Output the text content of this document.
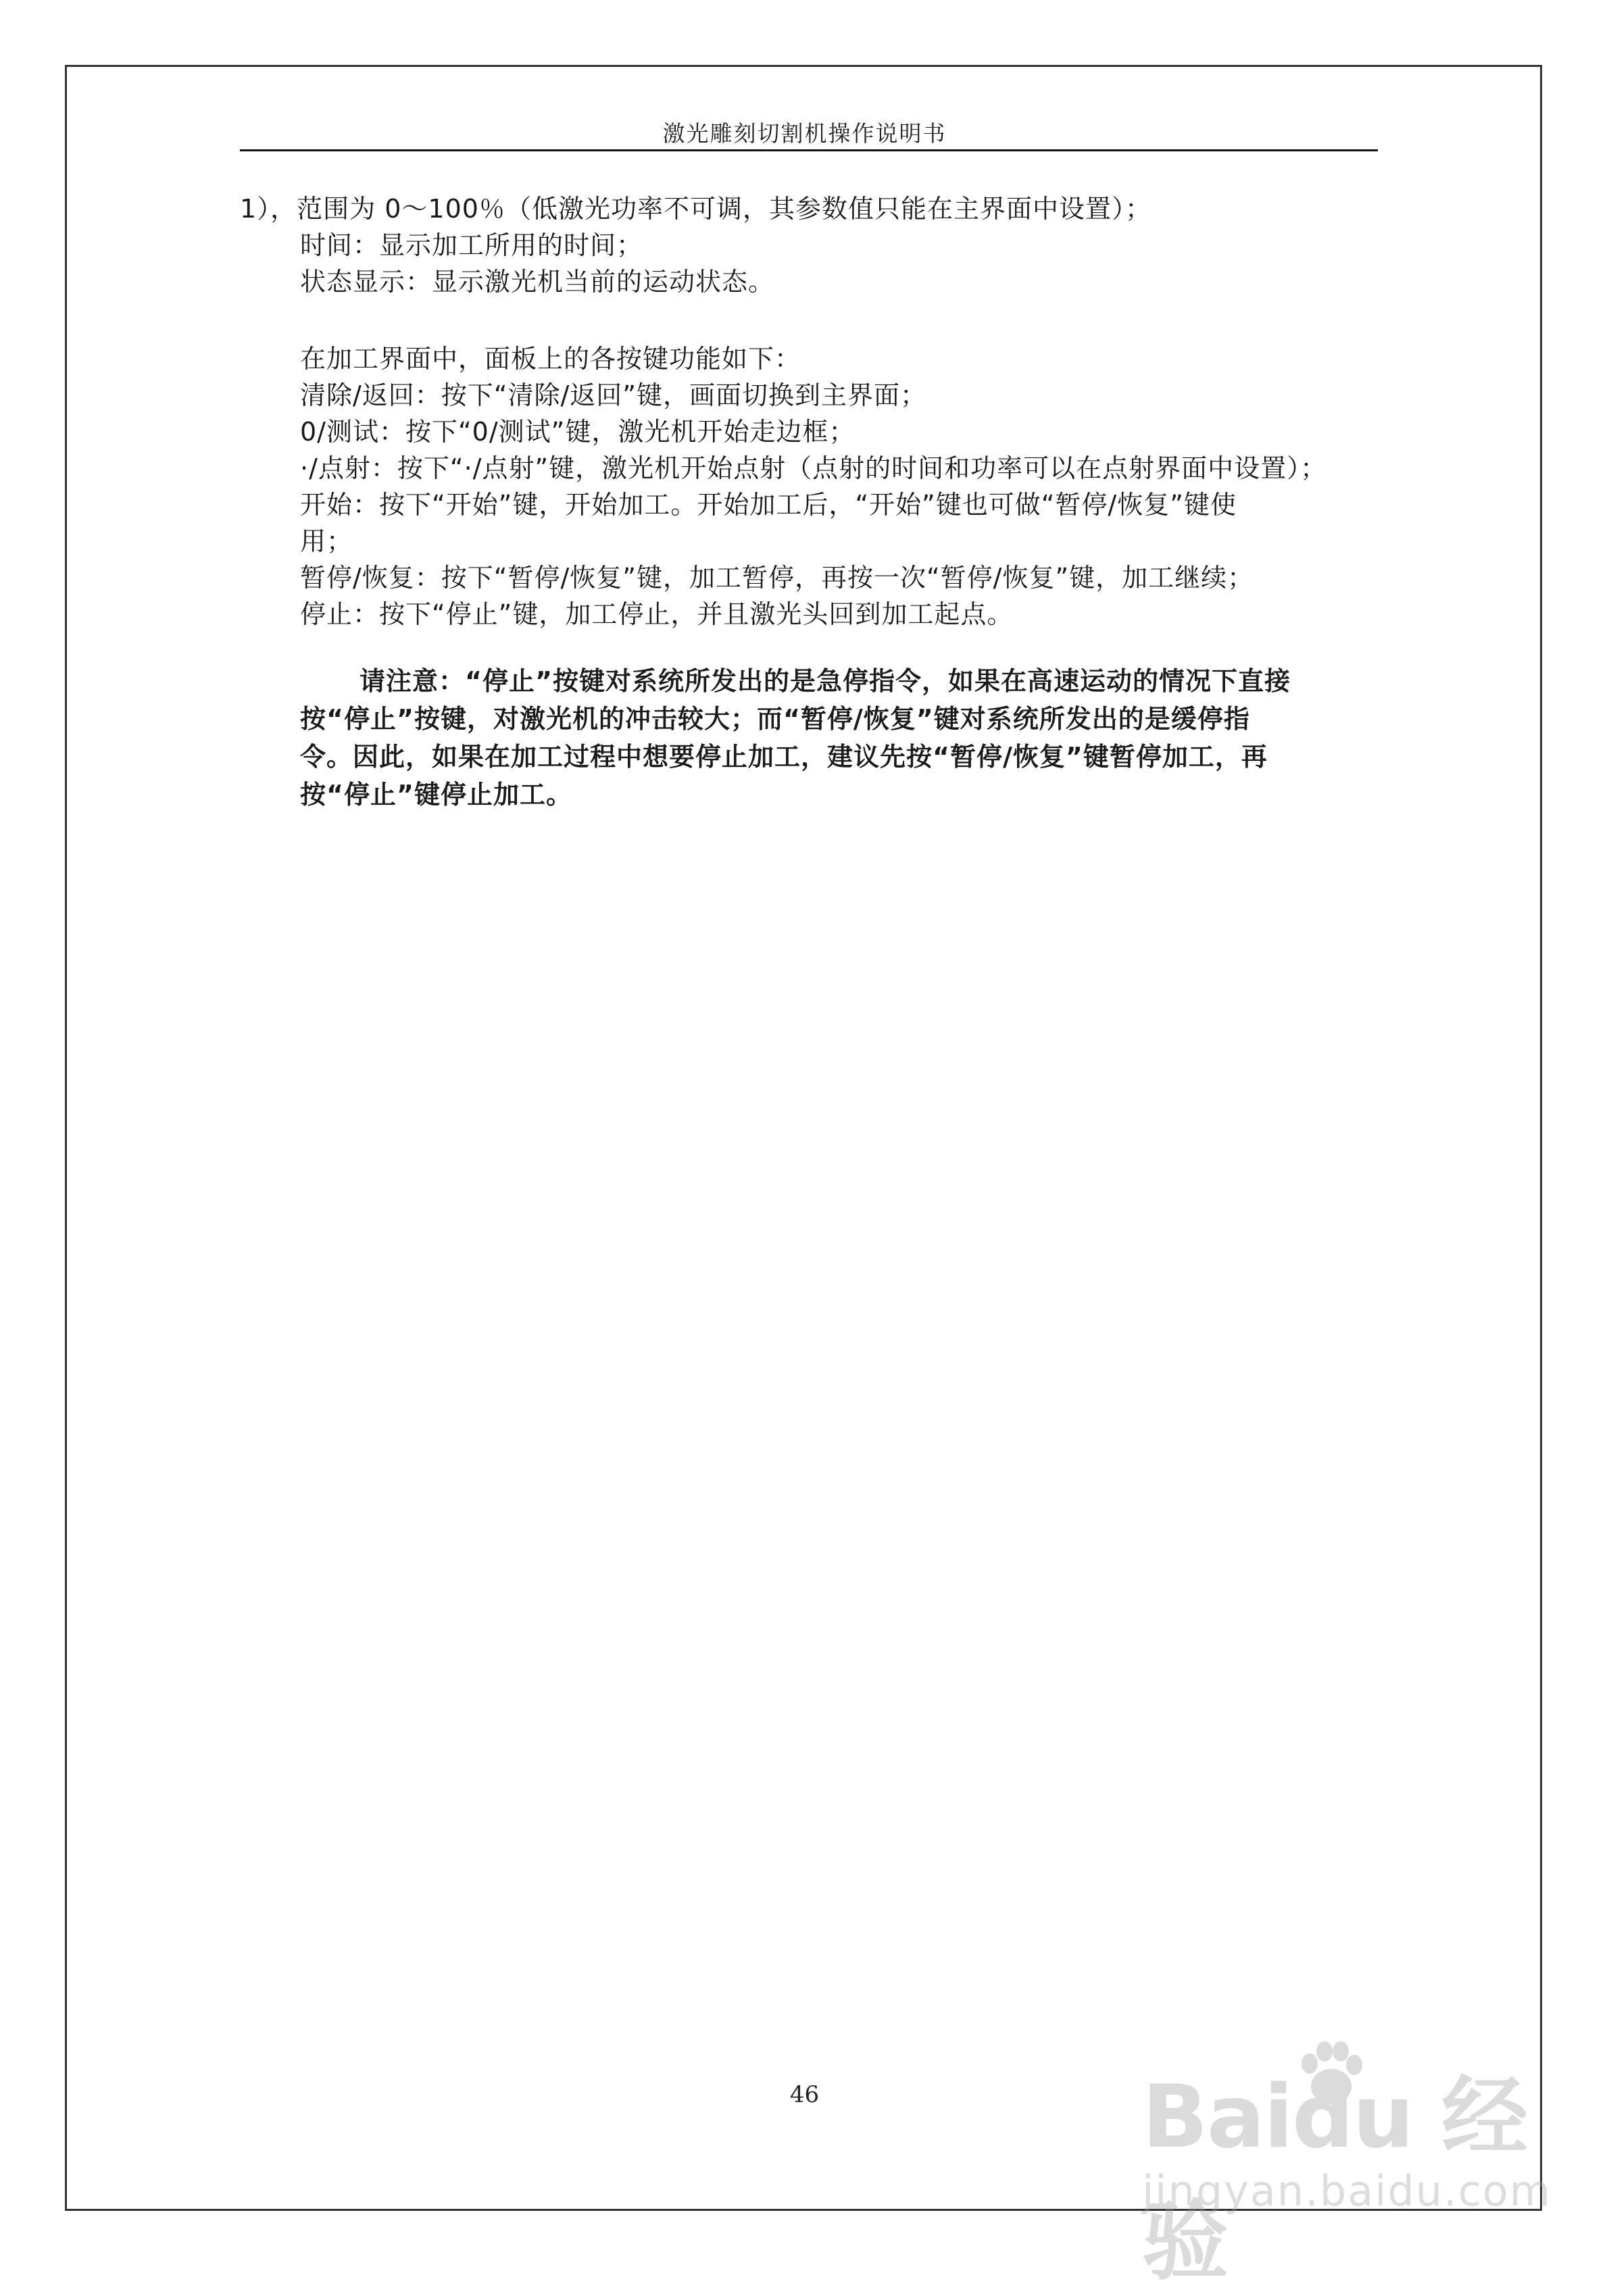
激光雕刻切割机操作说明书
1），范围为 0～100％（低激光功率不可调，其参数值只能在主界面中设置）；
时间：显示加工所用的时间；
状态显示：显示激光机当前的运动状态。
在加工界面中，面板上的各按键功能如下：
清除/返回：按下“清除/返回”键，画面切换到主界面；
0/测试：按下“0/测试”键，激光机开始走边框；
·/点射：按下“·/点射”键，激光机开始点射（点射的时间和功率可以在点射界面中设置）；
开始：按下“开始”键，开始加工。开始加工后，“开始”键也可做“暂停/恢复”键使
用；
暂停/恢复：按下“暂停/恢复”键，加工暂停，再按一次“暂停/恢复”键，加工继续；
停止：按下“停止”键，加工停止，并且激光头回到加工起点。
请注意：“停止”按键对系统所发出的是急停指令，如果在高速运动的情况下直接
按“停止”按键，对激光机的冲击较大；而“暂停/恢复”键对系统所发出的是缓停指
令。因此，如果在加工过程中想要停止加工，建议先按“暂停/恢复”键暂停加工，再
按“停止”键停止加工。
46	Baidu 经验
jingyan.baidu.com
